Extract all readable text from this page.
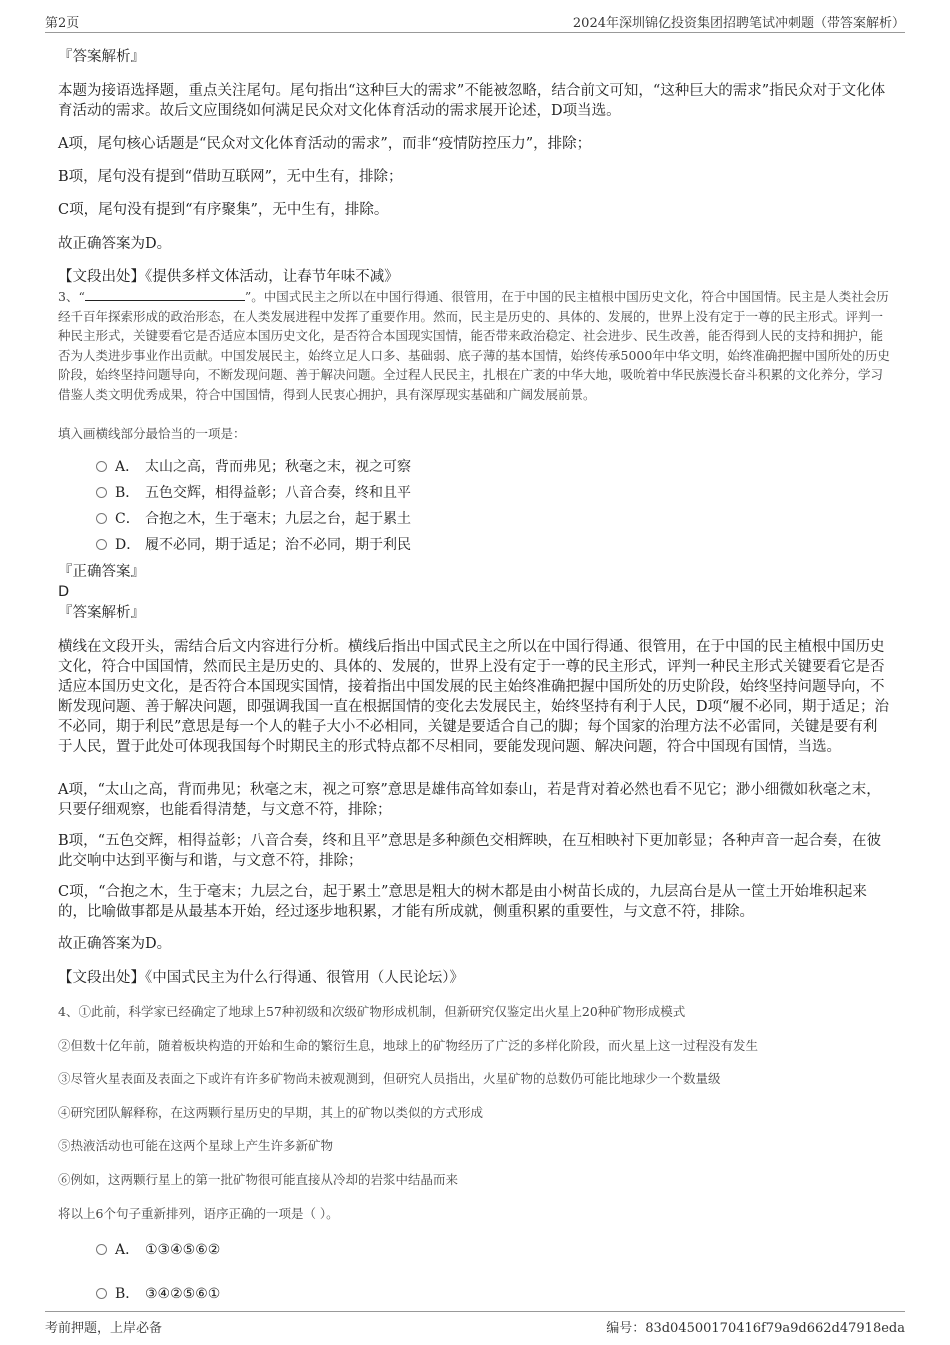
第2页	2024年深圳锦亿投资集团招聘笔试冲刺题（带答案解析）
『答案解析』
本题为接语选择题，重点关注尾句。尾句指出“这种巨大的需求”不能被忽略，结合前文可知，“这种巨大的需求”指民众对于文化体育活动的需求。故后文应围绕如何满足民众对文化体育活动的需求展开论述，D项当选。
A项，尾句核心话题是“民众对文化体育活动的需求”，而非“疫情防控压力”，排除；
B项，尾句没有提到“借助互联网”，无中生有，排除；
C项，尾句没有提到“有序聚集”，无中生有，排除。
故正确答案为D。
【文段出处】《提供多样文体活动，让春节年味不减》
3、“	”。中国式民主之所以在中国行得通、很管用，在于中国的民主植根中国历史文化，符合中国国情。民主是人类社会历经千百年探索形成的政治形态，在人类发展进程中发挥了重要作用。然而，民主是历史的、具体的、发展的，世界上没有定于一尊的民主形式。评判一种民主形式，关键要看它是否适应本国历史文化，是否符合本国现实国情，能否带来政治稳定、社会进步、民生改善，能否得到人民的支持和拥护，能否为人类进步事业作出贡献。中国发展民主，始终立足人口多、基础弱、底子薄的基本国情，始终传承5000年中华文明，始终准确把握中国所处的历史阶段，始终坚持问题导向，不断发现问题、善于解决问题。全过程人民民主，扎根在广袤的中华大地，吸吮着中华民族漫长奋斗积累的文化养分，学习借鉴人类文明优秀成果，符合中国国情，得到人民衷心拥护，具有深厚现实基础和广阔发展前景。
填入画横线部分最恰当的一项是：
A． 太山之高，背而弗见；秋毫之末，视之可察
B． 五色交辉，相得益彰；八音合奏，终和且平
C． 合抱之木，生于毫末；九层之台，起于累土
D． 履不必同，期于适足；治不必同，期于利民
『正确答案』
D
『答案解析』
横线在文段开头，需结合后文内容进行分析。横线后指出中国式民主之所以在中国行得通、很管用，在于中国的民主植根中国历史文化，符合中国国情，然而民主是历史的、具体的、发展的，世界上没有定于一尊的民主形式，评判一种民主形式关键要看它是否适应本国历史文化，是否符合本国现实国情，接着指出中国发展的民主始终准确把握中国所处的历史阶段，始终坚持问题导向，不断发现问题、善于解决问题，即强调我国一直在根据国情的变化去发展民主，始终坚持有利于人民，D项“履不必同，期于适足；治不必同，期于利民”意思是每一个人的鞋子大小不必相同，关键是要适合自己的脚；每个国家的治理方法不必雷同，关键是要有利于人民，置于此处可体现我国每个时期民主的形式特点都不尽相同，要能发现问题、解决问题，符合中国现有国情，当选。
A项，“太山之高，背而弗见；秋毫之末，视之可察”意思是雄伟高耸如泰山，若是背对着必然也看不见它；渺小细微如秋毫之末，只要仔细观察，也能看得清楚，与文意不符，排除；
B项，“五色交辉，相得益彰；八音合奏，终和且平”意思是多种颜色交相辉映，在互相映衬下更加彰显；各种声音一起合奏，在彼此交响中达到平衡与和谐，与文意不符，排除；
C项，“合抱之木，生于毫末；九层之台，起于累土”意思是粗大的树木都是由小树苗长成的，九层高台是从一筐土开始堆积起来的，比喻做事都是从最基本开始，经过逐步地积累，才能有所成就，侧重积累的重要性，与文意不符，排除。
故正确答案为D。
【文段出处】《中国式民主为什么行得通、很管用（人民论坛）》
4、①此前，科学家已经确定了地球上57种初级和次级矿物形成机制，但新研究仅鉴定出火星上20种矿物形成模式
②但数十亿年前，随着板块构造的开始和生命的繁衍生息，地球上的矿物经历了广泛的多样化阶段，而火星上这一过程没有发生
③尽管火星表面及表面之下或许有许多矿物尚未被观测到，但研究人员指出，火星矿物的总数仍可能比地球少一个数量级
④研究团队解释称，在这两颗行星历史的早期，其上的矿物以类似的方式形成
⑤热液活动也可能在这两个星球上产生许多新矿物
⑥例如，这两颗行星上的第一批矿物很可能直接从冷却的岩浆中结晶而来
将以上6个句子重新排列，语序正确的一项是（ ）。
A． ①③④⑤⑥②
B． ③④②⑤⑥①
考前押题，上岸必备	编号：83d04500170416f79a9d662d47918eda
